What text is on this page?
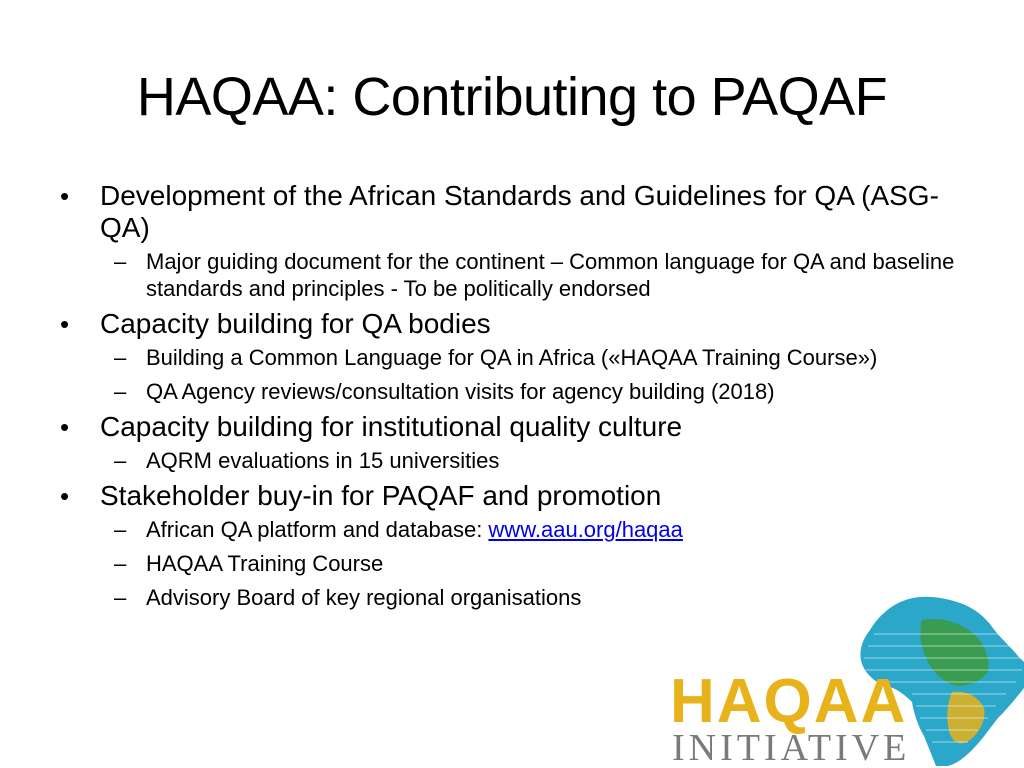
HAQAA: Contributing to PAQAF
• Development of the African Standards and Guidelines for QA (ASG-QA)
– Major guiding document for the continent – Common language for QA and baseline standards and principles - To be politically endorsed
• Capacity building for QA bodies
– Building a Common Language for QA in Africa («HAQAA Training Course»)
– QA Agency reviews/consultation visits for agency building (2018)
• Capacity building for institutional quality culture
– AQRM evaluations in 15 universities
• Stakeholder buy-in for PAQAF and promotion
– African QA platform and database: www.aau.org/haqaa
– HAQAA Training Course
– Advisory Board of key regional organisations
HAQAA
INITIATIVE
